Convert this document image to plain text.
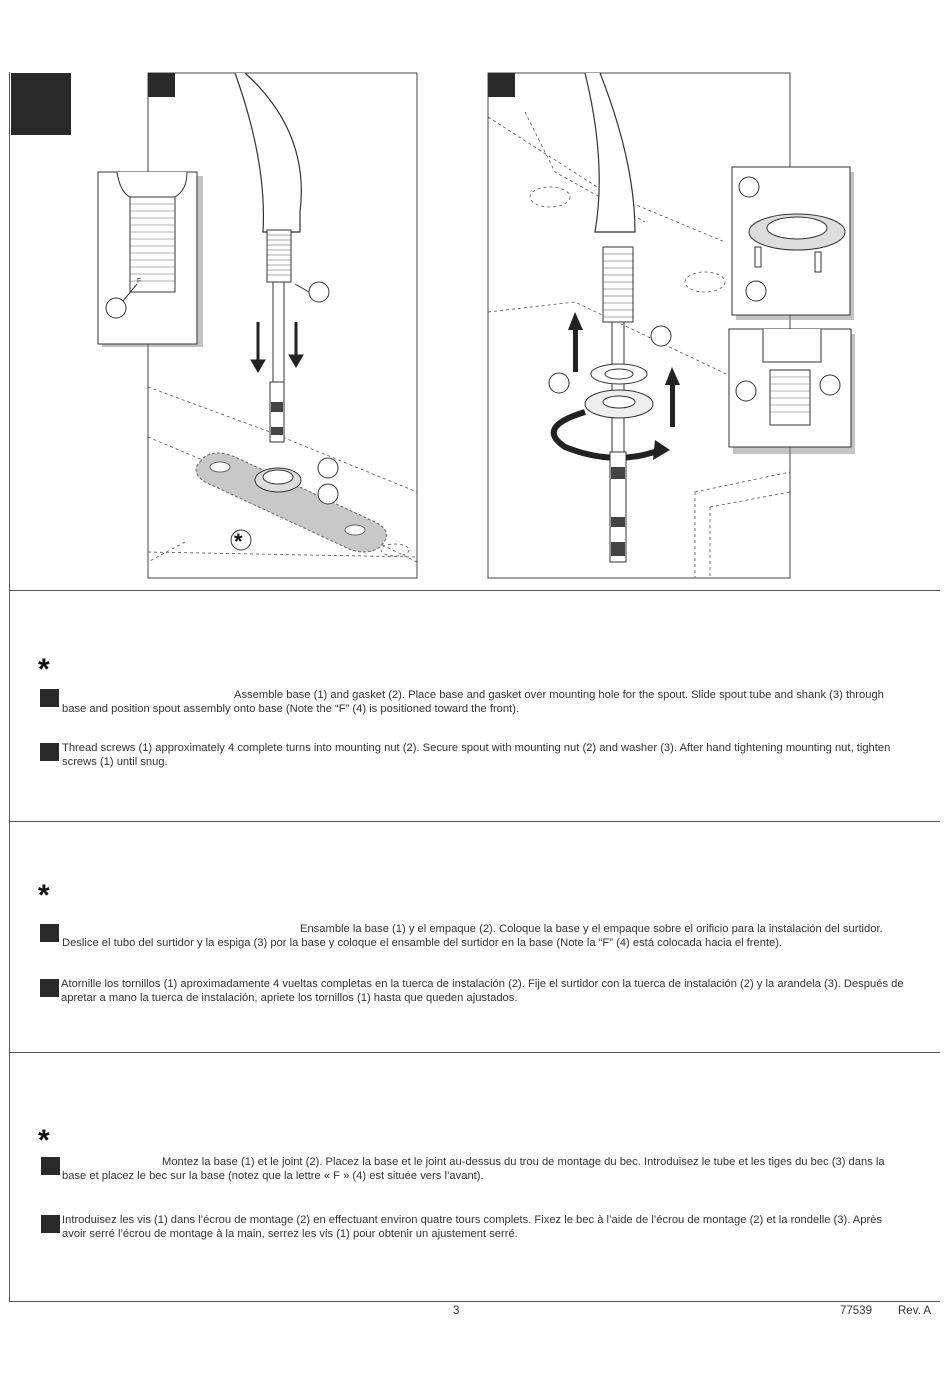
*
F
*
Assemble base (1) and gasket (2). Place base and gasket over mounting hole for the spout. Slide spout tube and shank (3) through base and position spout assembly onto base (Note the “F” (4) is positioned toward the front).
Thread screws (1) approximately 4 complete turns into mounting nut (2). Secure spout with mounting nut (2) and washer (3). After hand tightening mounting nut, tighten screws (1) until snug.
*
Ensamble la base (1) y el empaque (2). Coloque la base y el empaque sobre el orificio para la instalación del surtidor. Deslice el tubo del surtidor y la espiga (3) por la base y coloque el ensamble del surtidor en la base (Note la “F” (4) está colocada hacia el frente).
Atornille los tornillos (1) aproximadamente 4 vueltas completas en la tuerca de instalación (2). Fije el surtidor con la tuerca de instalación (2) y la arandela (3). Después de apretar a mano la tuerca de instalación, apriete los tornillos (1) hasta que queden ajustados.
*
Montez la base (1) et le joint (2). Placez la base et le joint au-dessus du trou de montage du bec. Introduisez le tube et les tiges du bec (3) dans la base et placez le bec sur la base (notez que la lettre « F » (4) est située vers l’avant).
Introduisez les vis (1) dans l’écrou de montage (2) en effectuant environ quatre tours complets. Fixez le bec à l’aide de l’écrou de montage (2) et la rondelle (3). Après avoir serré l’écrou de montage à la main, serrez les vis (1) pour obtenir un ajustement serré.
3	77539 Rev. A
